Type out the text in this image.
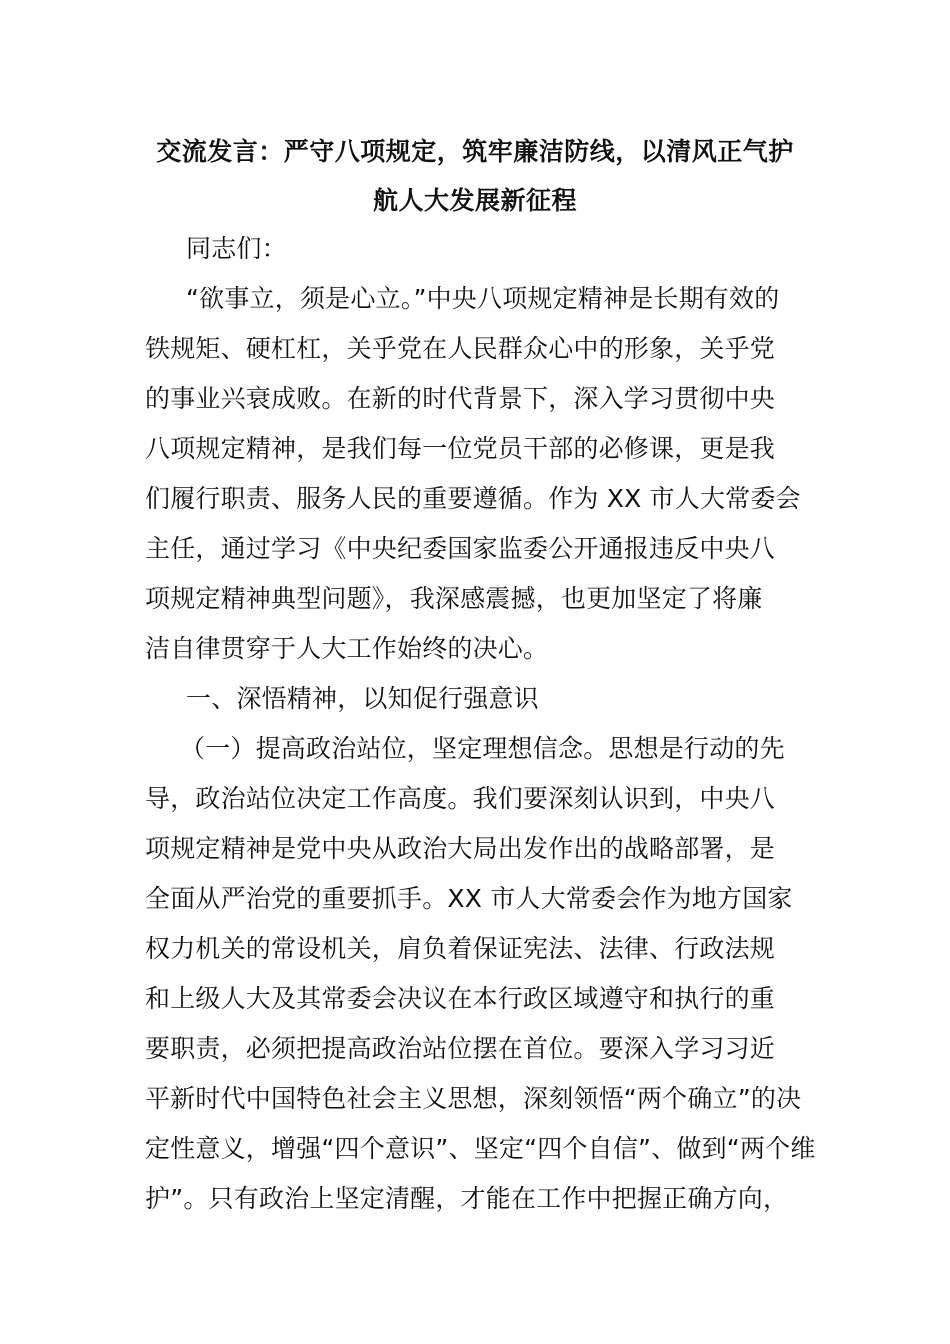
交流发言：严守八项规定，筑牢廉洁防线，以清风正气护
航人大发展新征程
同志们：
“欲事立，须是心立。”中央八项规定精神是长期有效的
铁规矩、硬杠杠，关乎党在人民群众心中的形象，关乎党
的事业兴衰成败。在新的时代背景下，深入学习贯彻中央
八项规定精神，是我们每一位党员干部的必修课，更是我
们履行职责、服务人民的重要遵循。作为 XX 市人大常委会
主任，通过学习《中央纪委国家监委公开通报违反中央八
项规定精神典型问题》，我深感震撼，也更加坚定了将廉
洁自律贯穿于人大工作始终的决心。
一、深悟精神，以知促行强意识
（一）提高政治站位，坚定理想信念。思想是行动的先
导，政治站位决定工作高度。我们要深刻认识到，中央八
项规定精神是党中央从政治大局出发作出的战略部署，是
全面从严治党的重要抓手。XX 市人大常委会作为地方国家
权力机关的常设机关，肩负着保证宪法、法律、行政法规
和上级人大及其常委会决议在本行政区域遵守和执行的重
要职责，必须把提高政治站位摆在首位。要深入学习习近
平新时代中国特色社会主义思想，深刻领悟“两个确立”的决
定性意义，增强“四个意识”、坚定“四个自信”、做到“两个维
护”。只有政治上坚定清醒，才能在工作中把握正确方向，
